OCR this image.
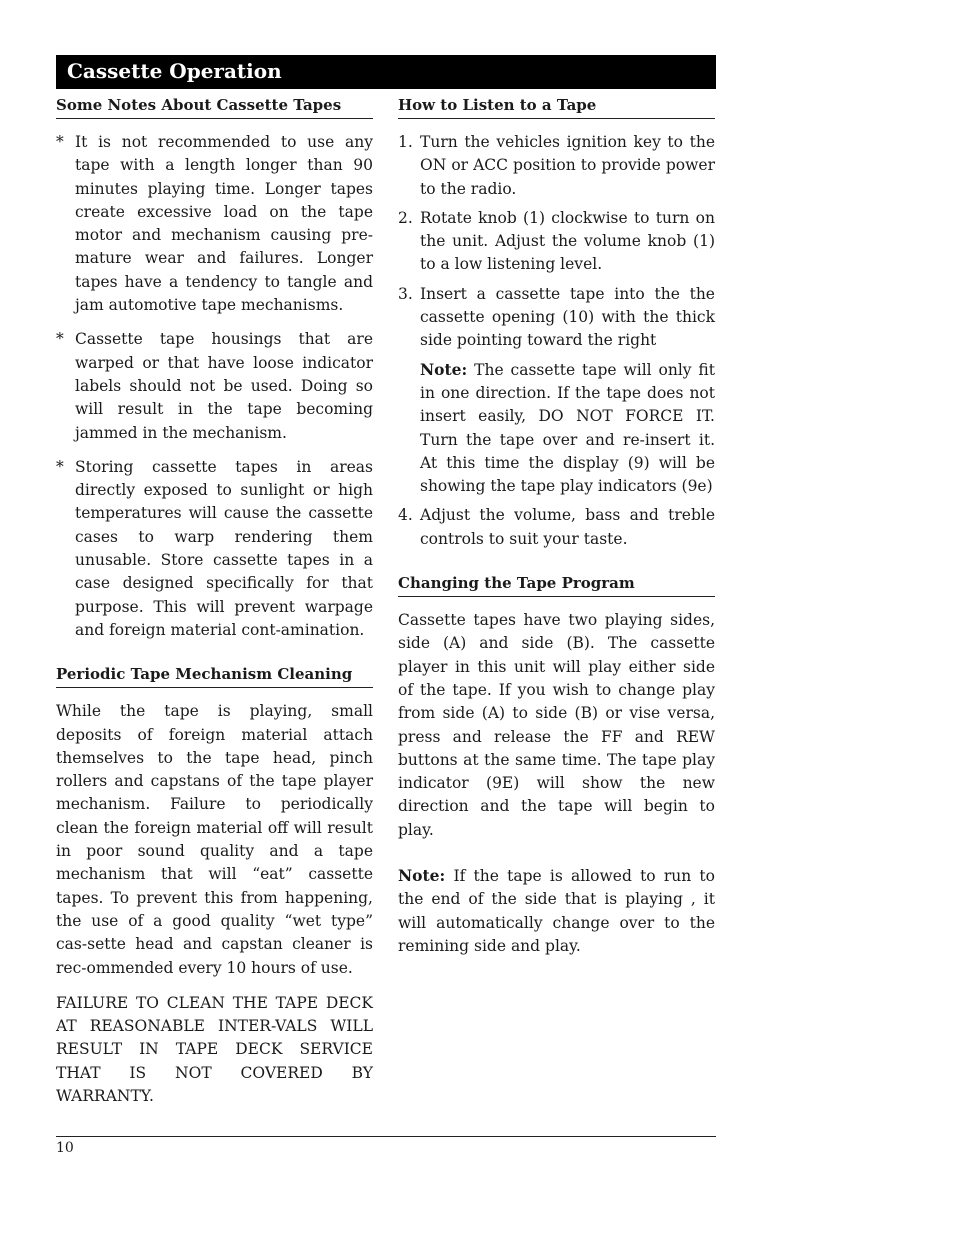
Cassette Operation
Some Notes About Cassette Tapes

* It is not recommended to use any tape with a length longer than 90 minutes playing time. Longer tapes create excessive load on the tape motor and mechanism causing pre-mature wear and failures. Longer tapes have a tendency to tangle and jam automotive tape mechanisms.

* Cassette tape housings that are warped or that have loose indicator labels should not be used. Doing so will result in the tape becoming jammed in the mechanism.

* Storing cassette tapes in areas directly exposed to sunlight or high temperatures will cause the cassette cases to warp rendering them unusable. Store cassette tapes in a case designed specifically for that purpose. This will prevent warpage and foreign material cont-amination.

Periodic Tape Mechanism Cleaning

While the tape is playing, small deposits of foreign material attach themselves to the tape head, pinch rollers and capstans of the tape player mechanism. Failure to periodically clean the foreign material off will result in poor sound quality and a tape mechanism that will “eat” cassette tapes. To prevent this from happening, the use of a good quality “wet type” cas-sette head and capstan cleaner is rec-ommended every 10 hours of use.

FAILURE TO CLEAN THE TAPE DECK AT REASONABLE INTER-VALS WILL RESULT IN TAPE DECK SERVICE THAT IS NOT COVERED BY WARRANTY.

How to Listen to a Tape

1. Turn the vehicles ignition key to the ON or ACC position to provide power to the radio.

2. Rotate knob (1) clockwise to turn on the unit. Adjust the volume knob (1) to a low listening level.

3. Insert a cassette tape into the the cassette opening (10) with the thick side pointing toward the right

Note: The cassette tape will only fit in one direction. If the tape does not insert easily, DO NOT FORCE IT. Turn the tape over and re-insert it. At this time the display (9) will be showing the tape play indicators (9e)

4. Adjust the volume, bass and treble controls to suit your taste.

Changing the Tape Program

Cassette tapes have two playing sides, side (A) and side (B). The cassette player in this unit will play either side of the tape. If you wish to change play from side (A) to side (B) or vise versa, press and release the FF and REW buttons at the same time. The tape play indicator (9E) will show the new direction and the tape will begin to play.

Note: If the tape is allowed to run to the end of the side that is playing , it will automatically change over to the remining side and play.

10
